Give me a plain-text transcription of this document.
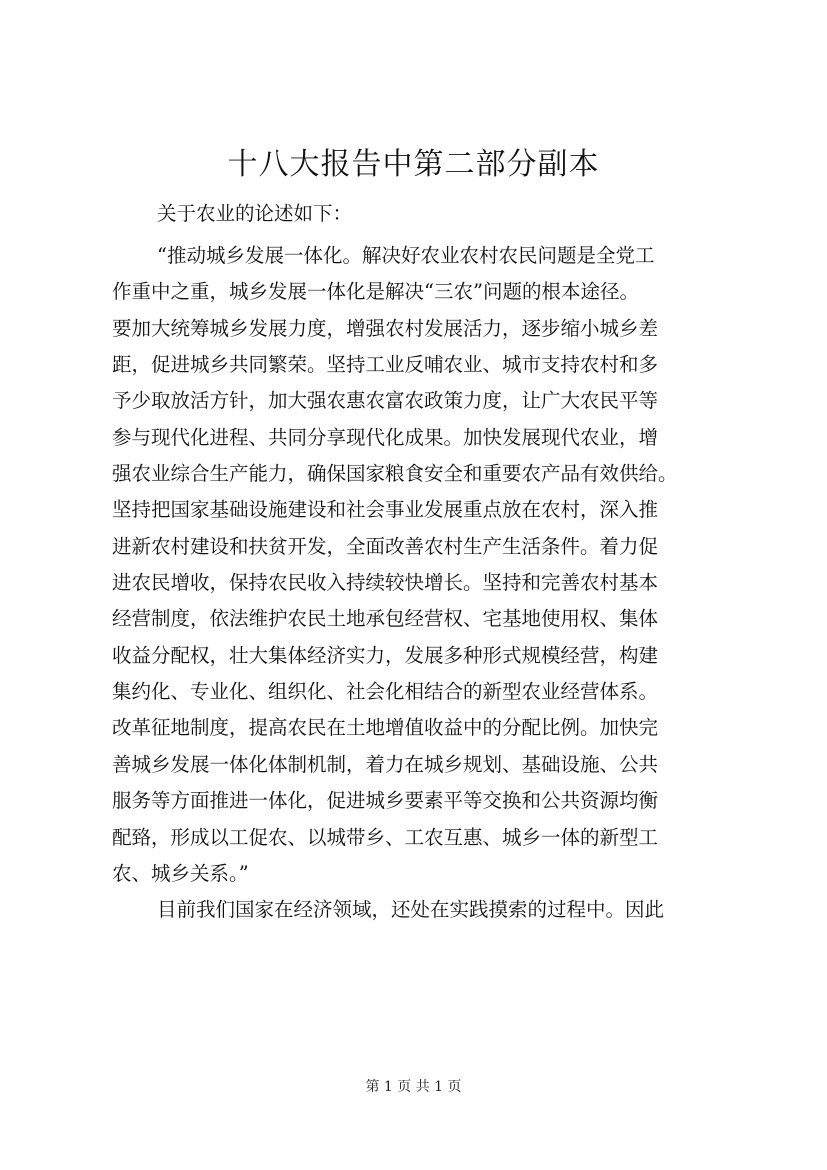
十八大报告中第二部分副本

关于农业的论述如下：

“推动城乡发展一体化。解决好农业农村农民问题是全党工
作重中之重，城乡发展一体化是解决“三农”问题的根本途径。
要加大统筹城乡发展力度，增强农村发展活力，逐步缩小城乡差
距，促进城乡共同繁荣。坚持工业反哺农业、城市支持农村和多
予少取放活方针，加大强农惠农富农政策力度，让广大农民平等
参与现代化进程、共同分享现代化成果。加快发展现代农业，增
强农业综合生产能力，确保国家粮食安全和重要农产品有效供给。
坚持把国家基础设施建设和社会事业发展重点放在农村，深入推
进新农村建设和扶贫开发，全面改善农村生产生活条件。着力促
进农民增收，保持农民收入持续较快增长。坚持和完善农村基本
经营制度，依法维护农民土地承包经营权、宅基地使用权、集体
收益分配权，壮大集体经济实力，发展多种形式规模经营，构建
集约化、专业化、组织化、社会化相结合的新型农业经营体系。
改革征地制度，提高农民在土地增值收益中的分配比例。加快完
善城乡发展一体化体制机制，着力在城乡规划、基础设施、公共
服务等方面推进一体化，促进城乡要素平等交换和公共资源均衡
配臵，形成以工促农、以城带乡、工农互惠、城乡一体的新型工
农、城乡关系。”
目前我们国家在经济领域，还处在实践摸索的过程中。因此

第 1 页 共 1 页
